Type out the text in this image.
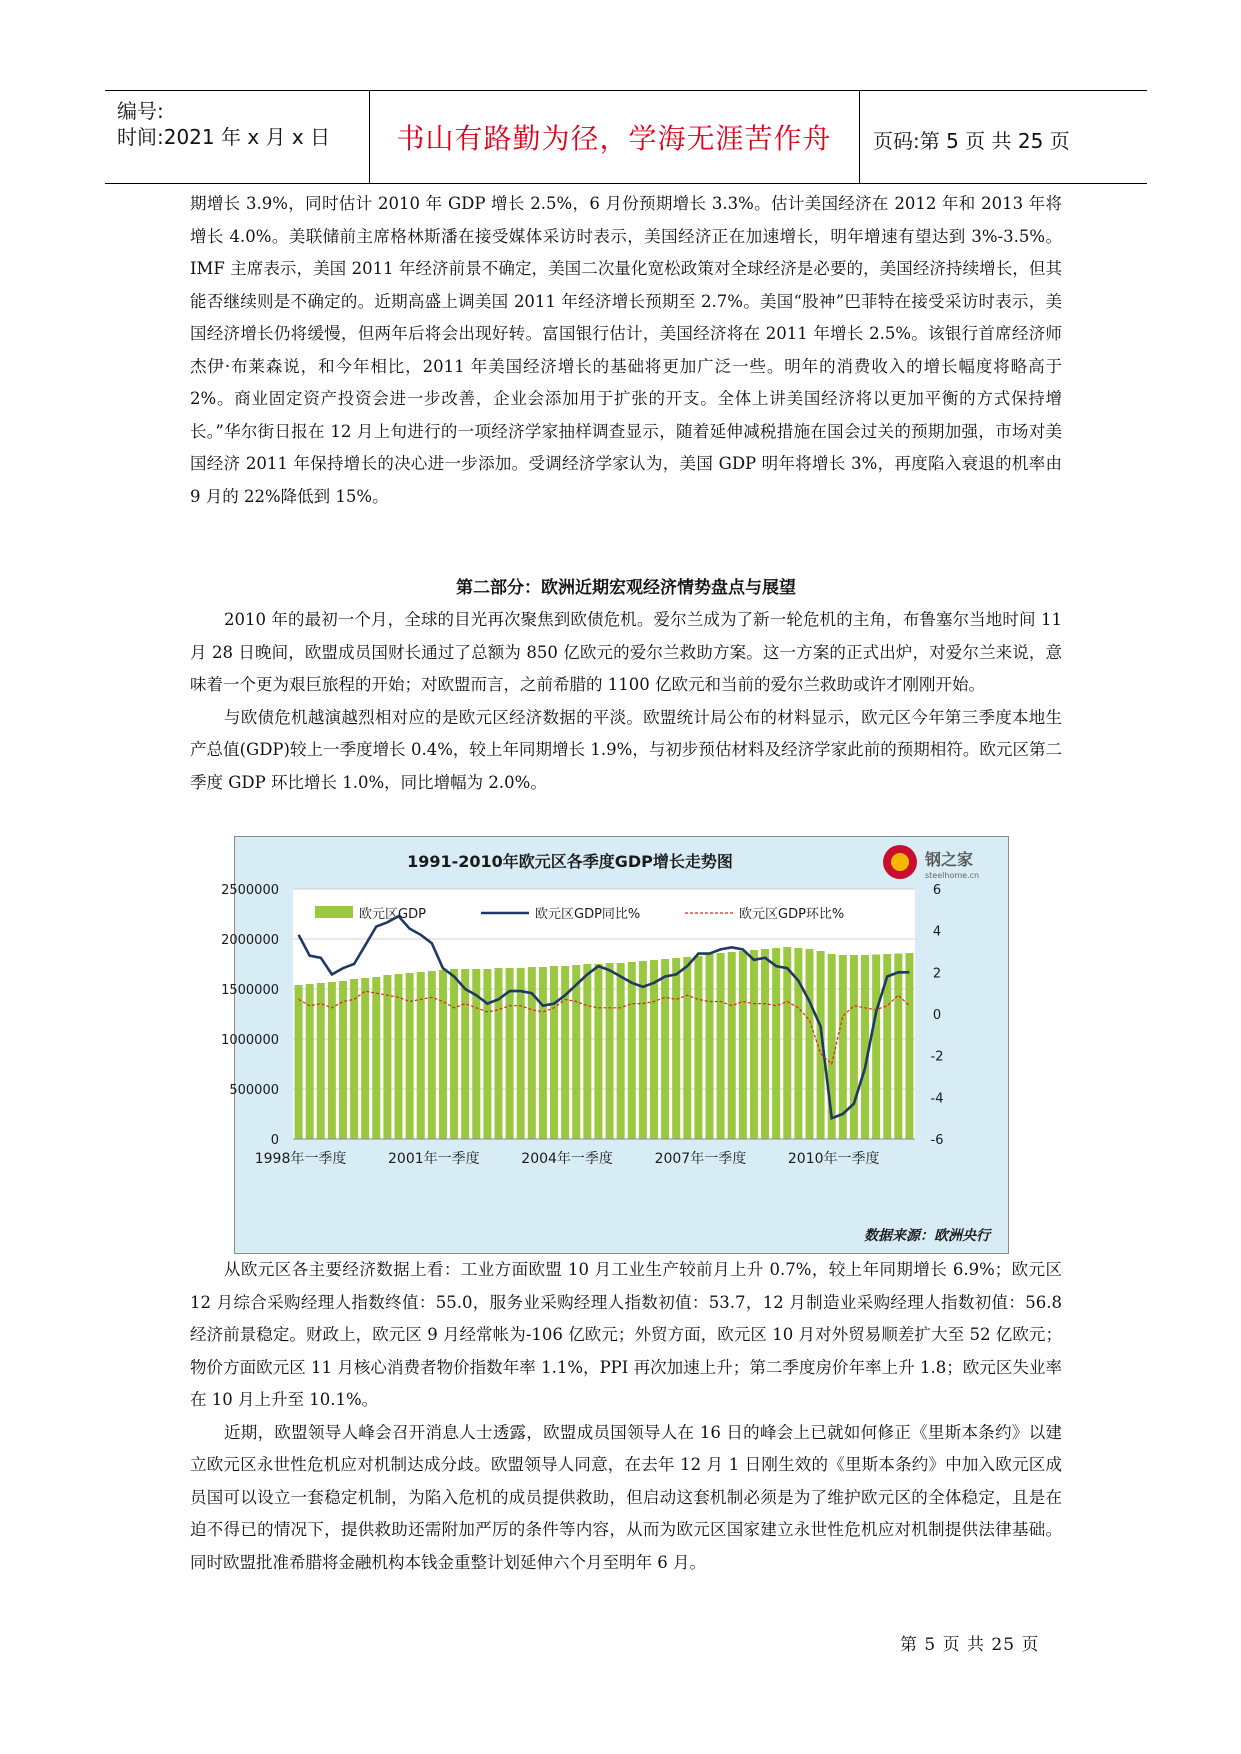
编号:
时间:2021 年 x 月 x 日	书山有路勤为径，学海无涯苦作舟	页码:第 5 页 共 25 页

期增长 3.9%，同时估计 2010 年 GDP 增长 2.5%，6 月份预期增长 3.3%。估计美国经济在 2012 年和 2013 年将增长 4.0%。美联储前主席格林斯潘在接受媒体采访时表示，美国经济正在加速增长，明年增速有望达到 3%-3.5%。IMF 主席表示，美国 2011 年经济前景不确定，美国二次量化宽松政策对全球经济是必要的，美国经济持续增长，但其能否继续则是不确定的。近期高盛上调美国 2011 年经济增长预期至 2.7%。美国“股神”巴菲特在接受采访时表示，美国经济增长仍将缓慢，但两年后将会出现好转。富国银行估计，美国经济将在 2011 年增长 2.5%。该银行首席经济师杰伊·布莱森说，和今年相比，2011 年美国经济增长的基础将更加广泛一些。明年的消费收入的增长幅度将略高于 2%。商业固定资产投资会进一步改善，企业会添加用于扩张的开支。全体上讲美国经济将以更加平衡的方式保持增长。”华尔街日报在 12 月上旬进行的一项经济学家抽样调查显示，随着延伸减税措施在国会过关的预期加强，市场对美国经济 2011 年保持增长的决心进一步添加。受调经济学家认为，美国 GDP 明年将增长 3%，再度陷入衰退的机率由 9 月的 22%降低到 15%。

第二部分：欧洲近期宏观经济情势盘点与展望

2010 年的最初一个月，全球的目光再次聚焦到欧债危机。爱尔兰成为了新一轮危机的主角，布鲁塞尔当地时间 11 月 28 日晚间，欧盟成员国财长通过了总额为 850 亿欧元的爱尔兰救助方案。这一方案的正式出炉，对爱尔兰来说，意味着一个更为艰巨旅程的开始；对欧盟而言，之前希腊的 1100 亿欧元和当前的爱尔兰救助或许才刚刚开始。

与欧债危机越演越烈相对应的是欧元区经济数据的平淡。欧盟统计局公布的材料显示，欧元区今年第三季度本地生产总值(GDP)较上一季度增长 0.4%，较上年同期增长 1.9%，与初步预估材料及经济学家此前的预期相符。欧元区第二季度 GDP 环比增长 1.0%，同比增幅为 2.0%。

1991-2010年欧元区各季度GDP增长走势图	钢之家
steelhome.cn
0
500000
1000000
1500000
2000000
2500000
-6
-4
-2
0
2
4
6
1998年一季度	2001年一季度	2004年一季度	2007年一季度	2010年一季度
欧元区GDP	欧元区GDP同比%	欧元区GDP环比%
数据来源：欧洲央行

从欧元区各主要经济数据上看：工业方面欧盟 10 月工业生产较前月上升 0.7%，较上年同期增长 6.9%；欧元区 12 月综合采购经理人指数终值：55.0，服务业采购经理人指数初值：53.7，12 月制造业采购经理人指数初值：56.8 经济前景稳定。财政上，欧元区 9 月经常帐为-106 亿欧元；外贸方面，欧元区 10 月对外贸易顺差扩大至 52 亿欧元；物价方面欧元区 11 月核心消费者物价指数年率 1.1%，PPI 再次加速上升；第二季度房价年率上升 1.8；欧元区失业率在 10 月上升至 10.1%。

近期，欧盟领导人峰会召开消息人士透露，欧盟成员国领导人在 16 日的峰会上已就如何修正《里斯本条约》以建立欧元区永世性危机应对机制达成分歧。欧盟领导人同意，在去年 12 月 1 日刚生效的《里斯本条约》中加入欧元区成员国可以设立一套稳定机制，为陷入危机的成员提供救助，但启动这套机制必须是为了维护欧元区的全体稳定，且是在迫不得已的情况下，提供救助还需附加严厉的条件等内容，从而为欧元区国家建立永世性危机应对机制提供法律基础。同时欧盟批准希腊将金融机构本钱金重整计划延伸六个月至明年 6 月。

第 5 页 共 25 页
